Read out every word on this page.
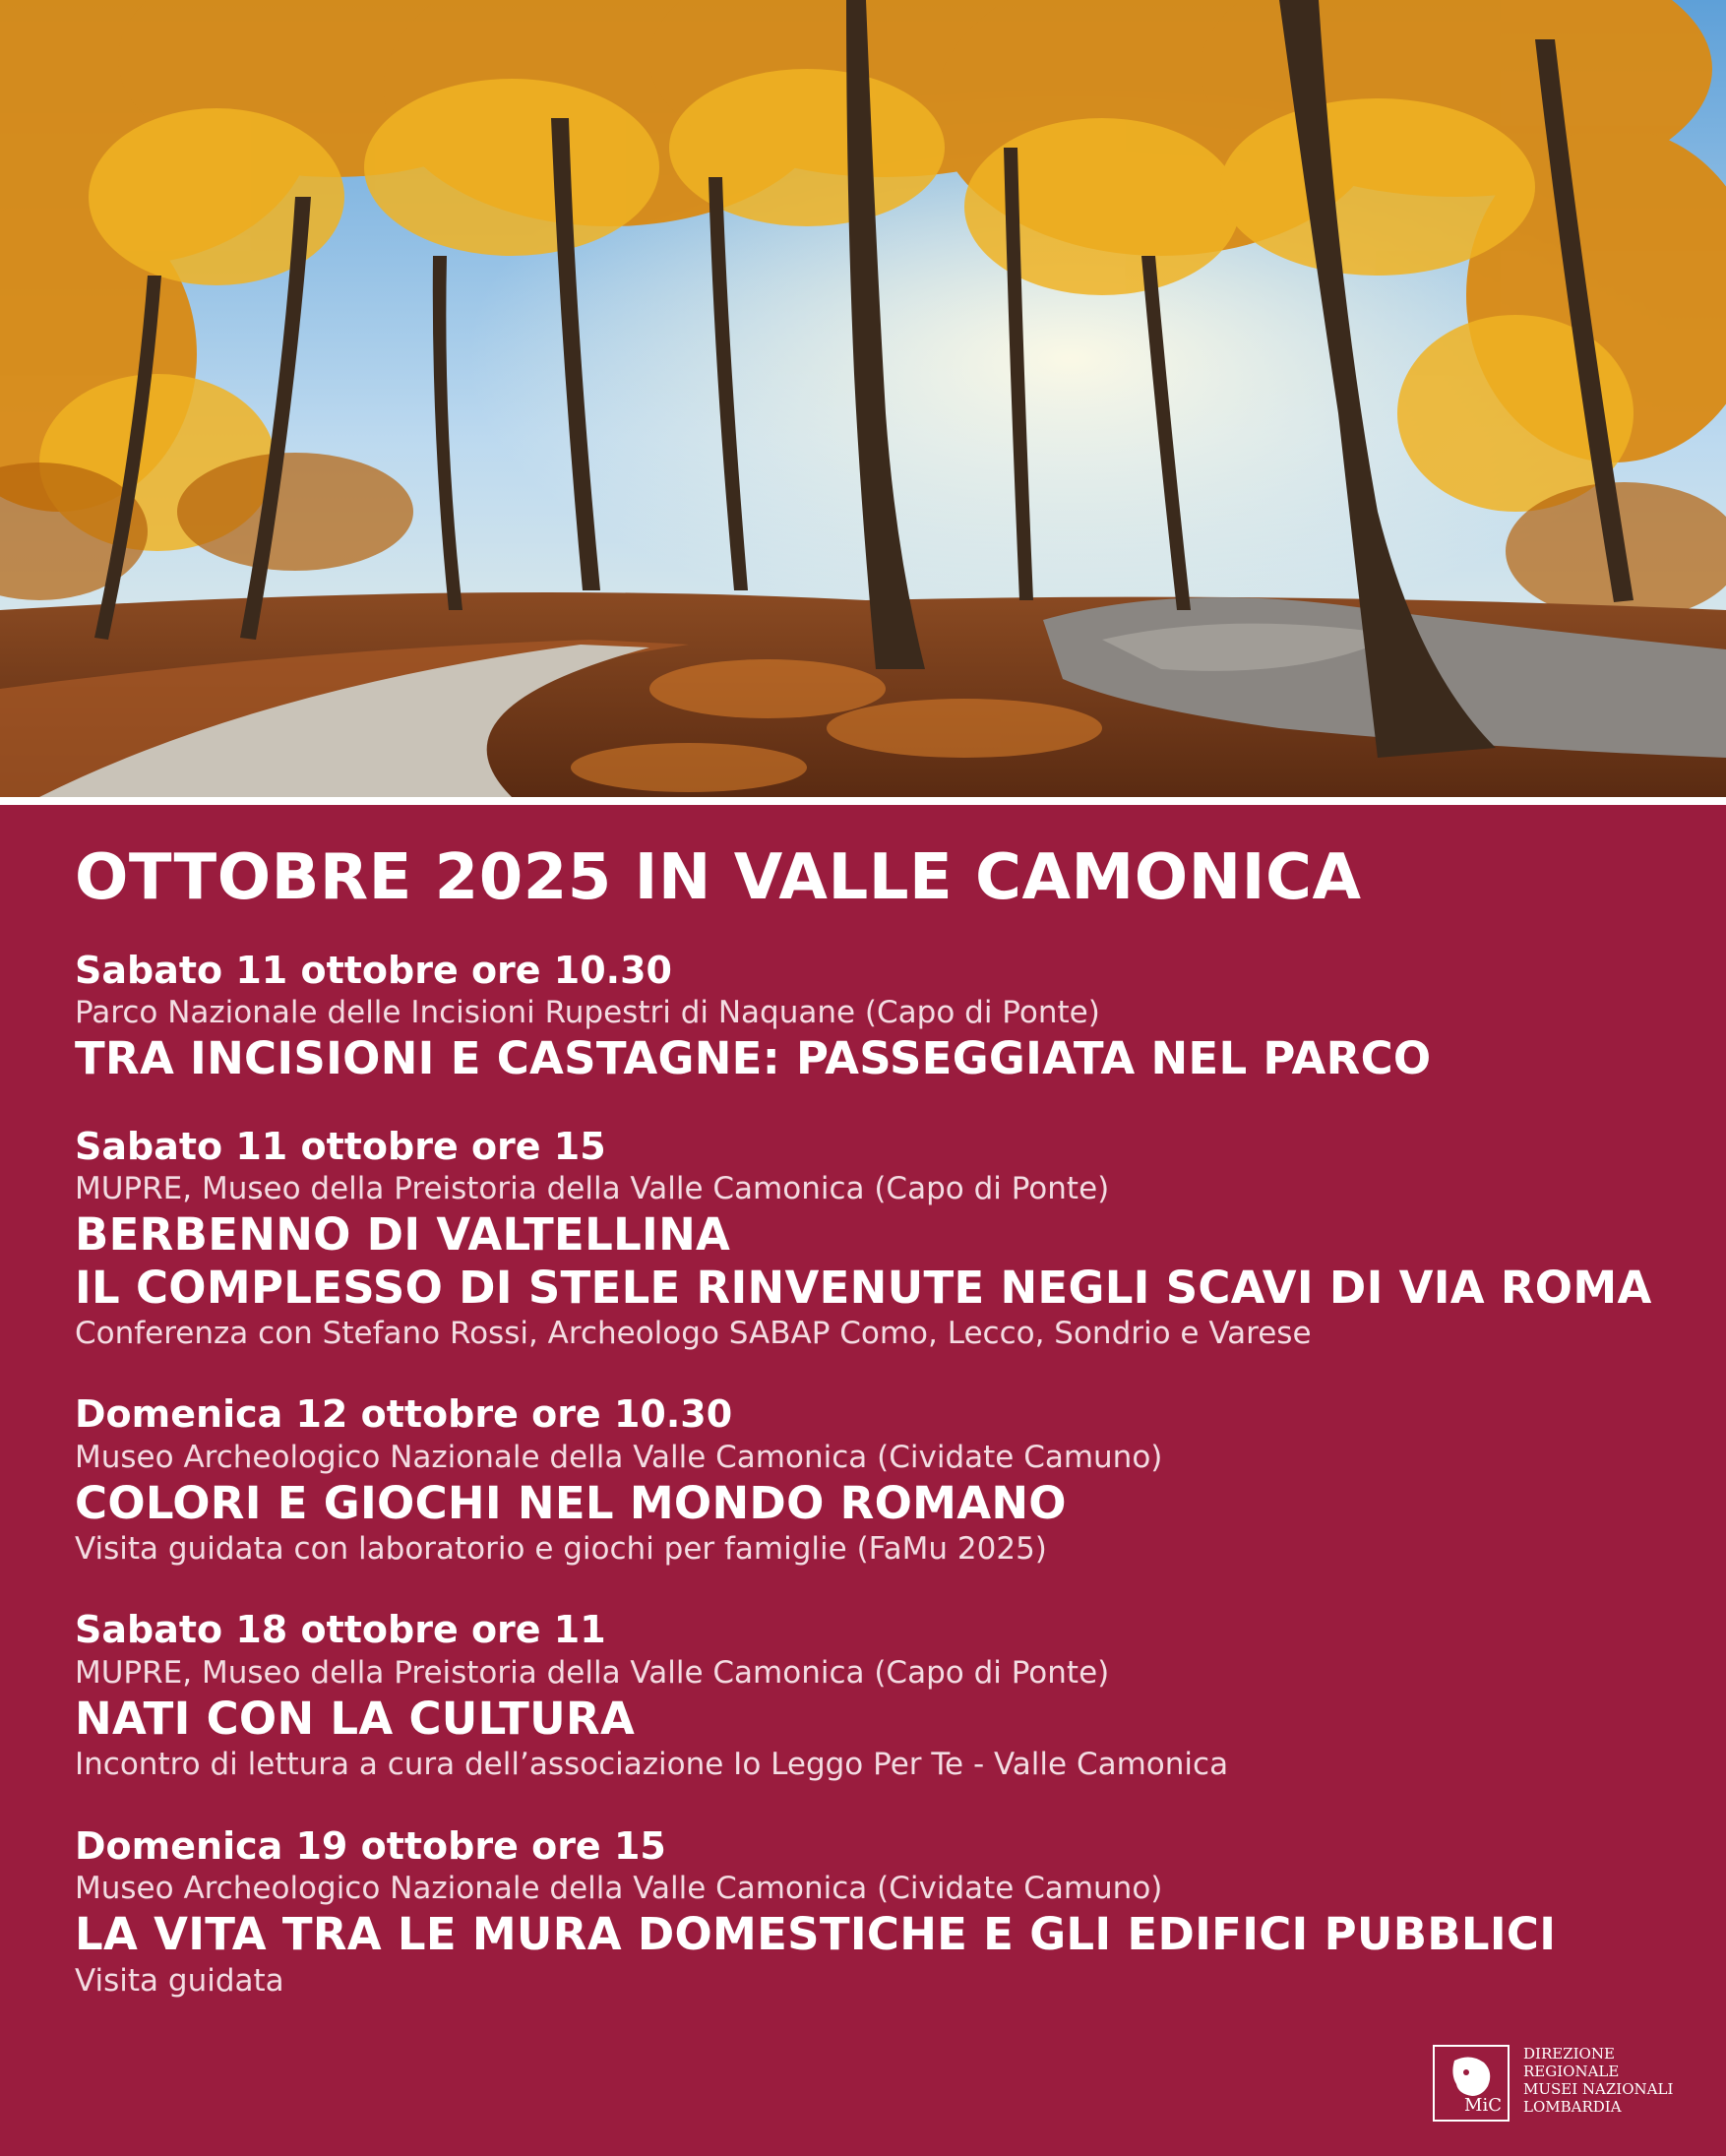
OTTOBRE 2025 IN VALLE CAMONICA
Sabato 11 ottobre ore 10.30
Parco Nazionale delle Incisioni Rupestri di Naquane (Capo di Ponte)
TRA INCISIONI E CASTAGNE: PASSEGGIATA NEL PARCO
Sabato 11 ottobre ore 15
MUPRE, Museo della Preistoria della Valle Camonica (Capo di Ponte)
BERBENNO DI VALTELLINA
IL COMPLESSO DI STELE RINVENUTE NEGLI SCAVI DI VIA ROMA
Conferenza con Stefano Rossi, Archeologo SABAP Como, Lecco, Sondrio e Varese
Domenica 12 ottobre ore 10.30
Museo Archeologico Nazionale della Valle Camonica (Cividate Camuno)
COLORI E GIOCHI NEL MONDO ROMANO
Visita guidata con laboratorio e giochi per famiglie (FaMu 2025)
Sabato 18 ottobre ore 11
MUPRE, Museo della Preistoria della Valle Camonica (Capo di Ponte)
NATI CON LA CULTURA
Incontro di lettura a cura dell’associazione Io Leggo Per Te - Valle Camonica
Domenica 19 ottobre ore 15
Museo Archeologico Nazionale della Valle Camonica (Cividate Camuno)
LA VITA TRA LE MURA DOMESTICHE E GLI EDIFICI PUBBLICI
Visita guidata
MiC
DIREZIONE
REGIONALE
MUSEI NAZIONALI
LOMBARDIA
